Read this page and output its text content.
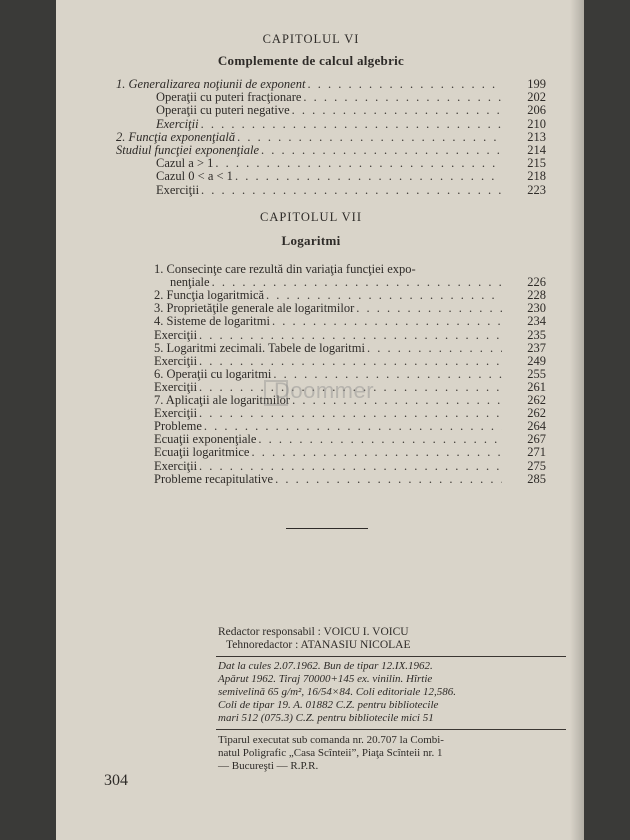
CAPITOLUL VI
Complemente de calcul algebric
1. Generalizarea noţiunii de exponent . . .	199
Operaţii cu puteri fracţionare . . .	202
Operaţii cu puteri negative . . .	206
Exerciţii . . .	210
2. Funcţia exponenţială . . .	213
Studiul funcţiei exponenţiale . . .	214
Cazul a > 1 . . .	215
Cazul 0 < a < 1 . . .	218
Exerciţii . . .	223
CAPITOLUL VII
Logaritmi
1. Consecinţe care rezultă din variaţia funcţiei expo-
nenţiale . . .	226
2. Funcţia logaritmică . . .	228
3. Proprietăţile generale ale logaritmilor . . .	230
4. Sisteme de logaritmi . . .	234
Exerciţii . . .	235
5. Logaritmi zecimali. Tabele de logaritmi . . .	237
Exerciţii . . .	249
6. Operaţii cu logaritmi . . .	255
Exerciţii . . .	261
7. Aplicaţii ale logaritmilor . . .	262
Exerciţii . . .	262
Probleme . . .	264
Ecuaţii exponenţiale . . .	267
Ecuaţii logaritmice . . .	271
Exerciţii . . .	275
Probleme recapitulative . . .	285
Doommer
Redactor responsabil : VOICU I. VOICU
Tehnoredactor : ATANASIU NICOLAE
Dat la cules 2.07.1962. Bun de tipar 12.IX.1962.
Apărut 1962. Tiraj 70000+145 ex. vinilin. Hîrtie
semivelină 65 g/m², 16/54×84. Coli editoriale 12,586.
Coli de tipar 19. A. 01882 C.Z. pentru bibliotecile
mari 512 (075.3) C.Z. pentru bibliotecile mici 51
Tiparul executat sub comanda nr. 20.707 la Combi-
natul Poligrafic „Casa Scînteii”, Piaţa Scînteii nr. 1
— Bucureşti — R.P.R.
304
